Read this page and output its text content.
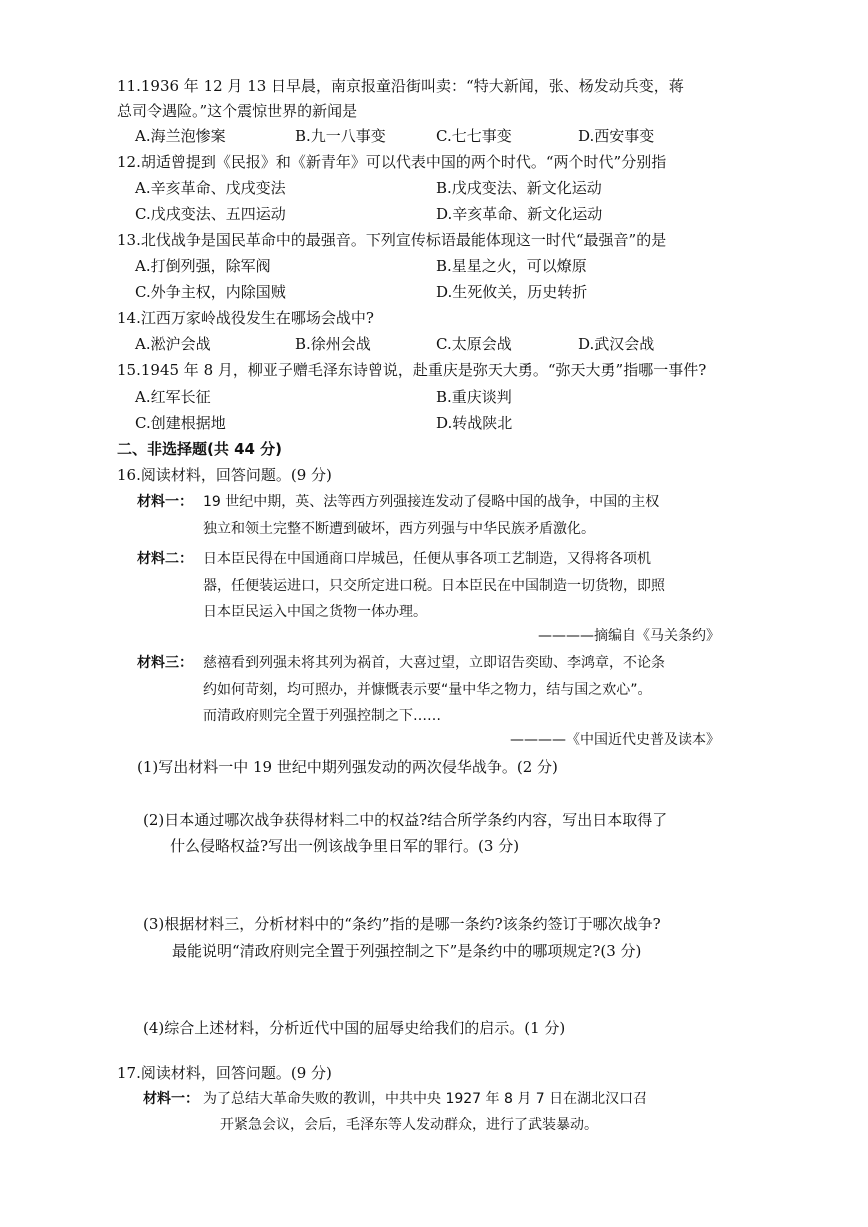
11.1936 年 12 月 13 日早晨，南京报童沿街叫卖：“特大新闻，张、杨发动兵变，蒋
总司令遇险。”这个震惊世界的新闻是
A.海兰泡惨案	B.九一八事变	C.七七事变	D.西安事变
12.胡适曾提到《民报》和《新青年》可以代表中国的两个时代。“两个时代”分别指
A.辛亥革命、戊戌变法	B.戊戌变法、新文化运动
C.戊戌变法、五四运动	D.辛亥革命、新文化运动
13.北伐战争是国民革命中的最强音。下列宣传标语最能体现这一时代“最强音”的是
A.打倒列强，除军阀	B.星星之火，可以燎原
C.外争主权，内除国贼	D.生死攸关，历史转折
14.江西万家岭战役发生在哪场会战中?
A.淞沪会战	B.徐州会战	C.太原会战	D.武汉会战
15.1945 年 8 月，柳亚子赠毛泽东诗曾说，赴重庆是弥天大勇。“弥天大勇”指哪一事件?
A.红军长征	B.重庆谈判
C.创建根据地	D.转战陕北
二、非选择题(共 44 分)
16.阅读材料，回答问题。(9 分)
材料一： 19 世纪中期，英、法等西方列强接连发动了侵略中国的战争，中国的主权
独立和领土完整不断遭到破坏，西方列强与中华民族矛盾激化。
材料二： 日本臣民得在中国通商口岸城邑，任便从事各项工艺制造，又得将各项机
器，任便装运进口，只交所定进口税。日本臣民在中国制造一切货物，即照
日本臣民运入中国之货物一体办理。
————摘编自《马关条约》
材料三： 慈禧看到列强未将其列为祸首，大喜过望，立即诏告奕劻、李鸿章，不论条
约如何苛刻，均可照办，并慷慨表示要“量中华之物力，结与国之欢心”。
而清政府则完全置于列强控制之下……
————《中国近代史普及读本》
(1)写出材料一中 19 世纪中期列强发动的两次侵华战争。(2 分)
(2)日本通过哪次战争获得材料二中的权益?结合所学条约内容，写出日本取得了
什么侵略权益?写出一例该战争里日军的罪行。(3 分)
(3)根据材料三，分析材料中的“条约”指的是哪一条约?该条约签订于哪次战争?
最能说明“清政府则完全置于列强控制之下”是条约中的哪项规定?(3 分)
(4)综合上述材料，分析近代中国的屈辱史给我们的启示。(1 分)
17.阅读材料，回答问题。(9 分)
材料一： 为了总结大革命失败的教训，中共中央 1927 年 8 月 7 日在湖北汉口召
开紧急会议，会后，毛泽东等人发动群众，进行了武装暴动。
